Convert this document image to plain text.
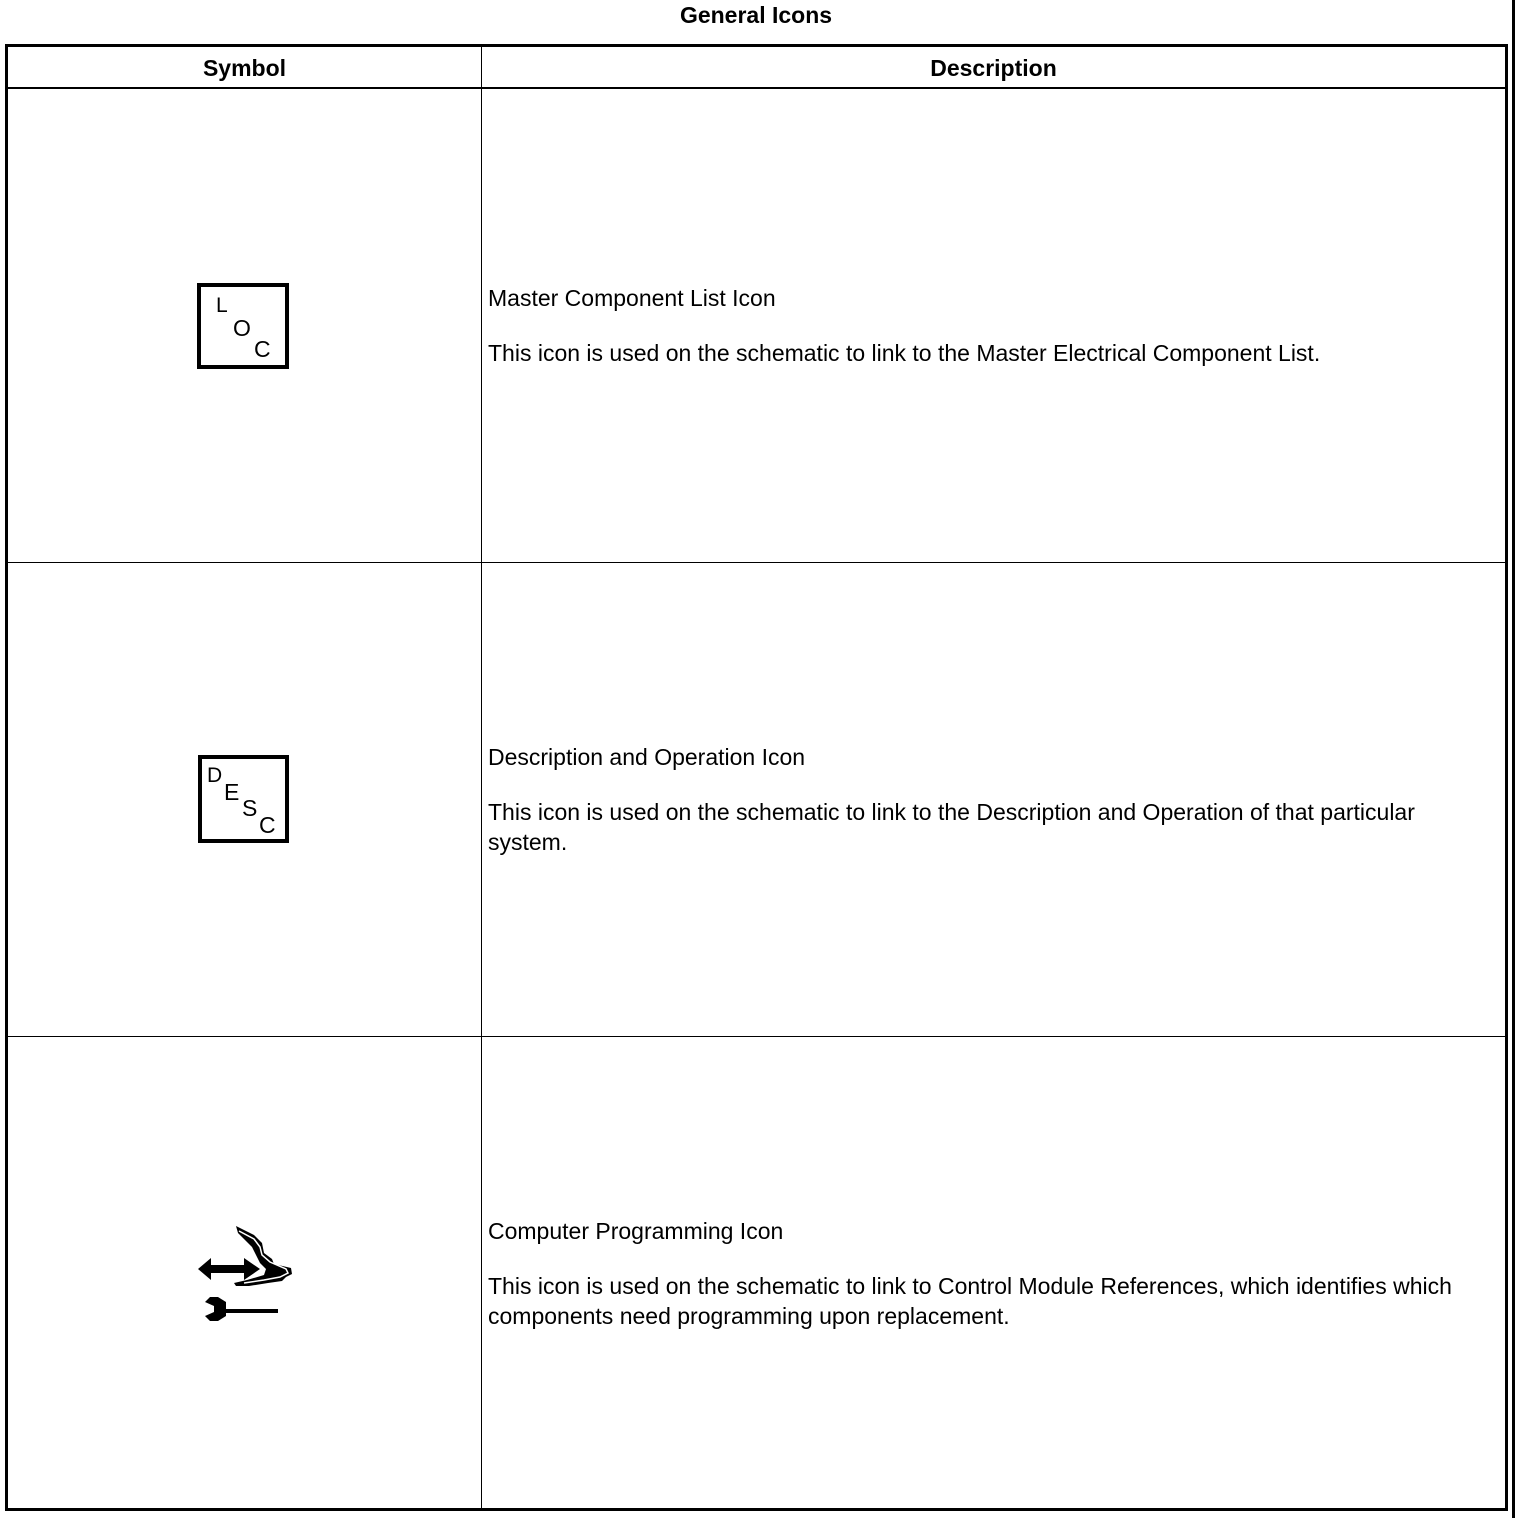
General Icons
Symbol	Description
L
O
C

Master Component List Icon

This icon is used on the schematic to link to the Master Electrical Component List.

D
E
S
C

Description and Operation Icon

This icon is used on the schematic to link to the Description and Operation of that particular system.

Computer Programming Icon

This icon is used on the schematic to link to Control Module References, which identifies which components need programming upon replacement.
